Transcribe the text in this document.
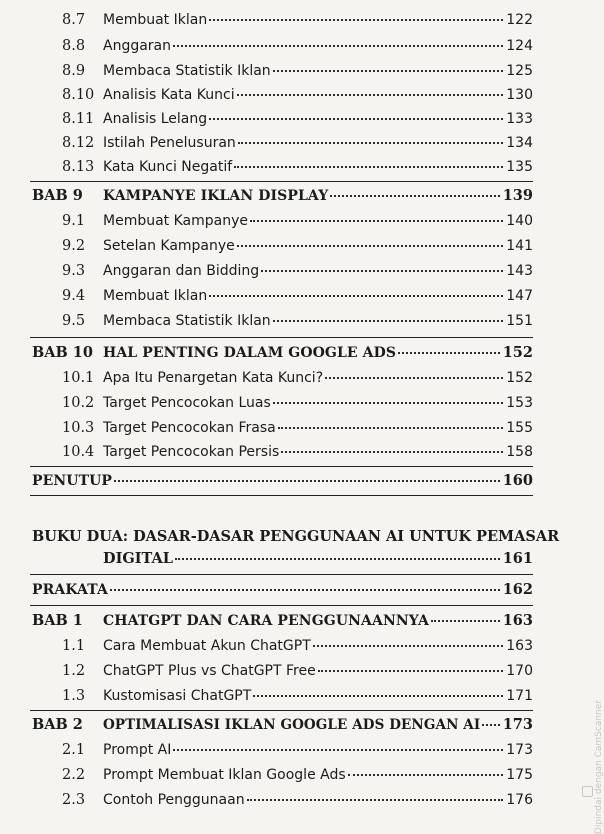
8.7 Membuat Iklan	122
8.8 Anggaran	124
8.9 Membaca Statistik Iklan	125
8.10 Analisis Kata Kunci	130
8.11 Analisis Lelang	133
8.12 Istilah Penelusuran	134
8.13 Kata Kunci Negatif	135
BAB 9 KAMPANYE IKLAN DISPLAY	139
9.1 Membuat Kampanye	140
9.2 Setelan Kampanye	141
9.3 Anggaran dan Bidding	143
9.4 Membuat Iklan	147
9.5 Membaca Statistik Iklan	151
BAB 10 HAL PENTING DALAM GOOGLE ADS	152
10.1 Apa Itu Penargetan Kata Kunci?	152
10.2 Target Pencocokan Luas	153
10.3 Target Pencocokan Frasa	155
10.4 Target Pencocokan Persis	158
PENUTUP	160
BUKU DUA: DASAR-DASAR PENGGUNAAN AI UNTUK PEMASAR
DIGITAL	161
PRAKATA	162
BAB 1 CHATGPT DAN CARA PENGGUNAANNYA	163
1.1 Cara Membuat Akun ChatGPT	163
1.2 ChatGPT Plus vs ChatGPT Free	170
1.3 Kustomisasi ChatGPT	171
BAB 2 OPTIMALISASI IKLAN GOOGLE ADS DENGAN AI 173
2.1 Prompt AI	173
2.2 Prompt Membuat Iklan Google Ads	175
2.3 Contoh Penggunaan	176	Dipindai dengan CamScanner
